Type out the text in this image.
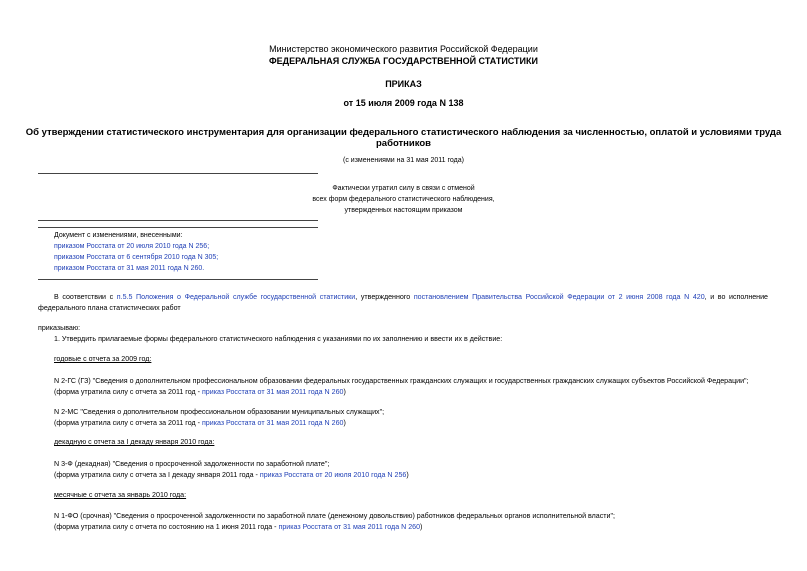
Министерство экономического развития Российской Федерации
ФЕДЕРАЛЬНАЯ СЛУЖБА ГОСУДАРСТВЕННОЙ СТАТИСТИКИ
ПРИКАЗ
от 15 июля 2009 года N 138
Об утверждении статистического инструментария для организации федерального статистического наблюдения за численностью, оплатой и условиями труда
работников
(с изменениями на 31 мая 2011 года)
Фактически утратил силу в связи с отменой
всех форм федерального статистического наблюдения,
утвержденных настоящим приказом
Документ с изменениями, внесенными:
приказом Росстата от 20 июля 2010 года N 256;
приказом Росстата от 6 сентября 2010 года N 305;
приказом Росстата от 31 мая 2011 года N 260.
В соответствии с п.5.5 Положения о Федеральной службе государственной статистики, утвержденного постановлением Правительства Российской Федерации от 2 июня 2008 года N 420, и во исполнение федерального плана статистических работ
приказываю:
1. Утвердить прилагаемые формы федерального статистического наблюдения с указаниями по их заполнению и ввести их в действие:
годовые с отчета за 2009 год:
N 2-ГС (ГЗ) "Сведения о дополнительном профессиональном образовании федеральных государственных гражданских служащих и государственных гражданских служащих субъектов Российской Федерации";
(форма утратила силу с отчета за 2011 год - приказ Росстата от 31 мая 2011 года N 260)
N 2-МС "Сведения о дополнительном профессиональном образовании муниципальных служащих";
(форма утратила силу с отчета за 2011 год - приказ Росстата от 31 мая 2011 года N 260)
декадную с отчета за I декаду января 2010 года:
N 3-Ф (декадная) "Сведения о просроченной задолженности по заработной плате";
(форма утратила силу с отчета за I декаду января 2011 года - приказ Росстата от 20 июля 2010 года N 256)
месячные с отчета за январь 2010 года:
N 1-ФО (срочная) "Сведения о просроченной задолженности по заработной плате (денежному довольствию) работников федеральных органов исполнительной власти";
(форма утратила силу с отчета по состоянию на 1 июня 2011 года - приказ Росстата от 31 мая 2011 года N 260)
